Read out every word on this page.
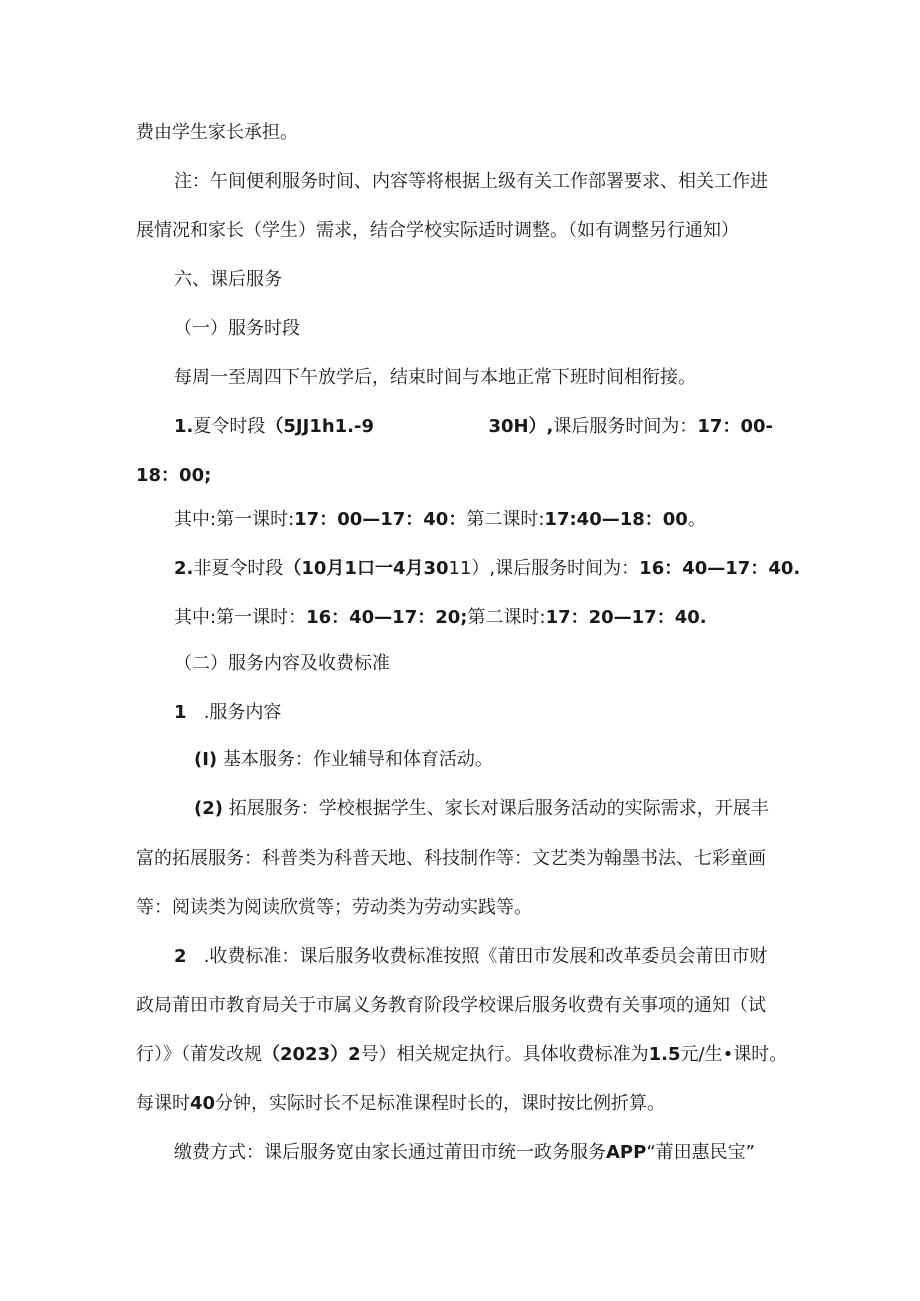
费由学生家长承担。

注：午间便利服务时间、内容等将根据上级有关工作部署要求、相关工作进

展情况和家长（学生）需求，结合学校实际适时调整。（如有调整另行通知）

六、课后服务

（一）服务时段

每周一至周四下午放学后，结束时间与本地正常下班时间相衔接。

1.夏令时段（5JJ1h1.-9	30H）,课后服务时间为：17：00-

18：00;

其中:第一课时:17：00—17：40：第二课时:17:40—18：00。

2.非夏令时段（10月1口一4月3011）,课后服务时间为：16：40—17：40.

其中:第一课时：16：40—17：20;第二课时:17：20—17：40.

（二）服务内容及收费标准

1   .服务内容

(I) 基本服务：作业辅导和体育活动。

(2) 拓展服务：学校根据学生、家长对课后服务活动的实际需求，开展丰

富的拓展服务：科普类为科普天地、科技制作等：文艺类为翰墨书法、七彩童画

等：阅读类为阅读欣赏等；劳动类为劳动实践等。

2   .收费标准：课后服务收费标准按照《莆田市发展和改革委员会莆田市财

政局莆田市教育局关于市属义务教育阶段学校课后服务收费有关事项的通知（试

行）》（莆发改规（2023）2号）相关规定执行。具体收费标准为1.5元/生•课时。

每课时40分钟，实际时长不足标准课程时长的，课时按比例折算。

缴费方式：课后服务宽由家长通过莆田市统一政务服务APP“莆田惠民宝”
